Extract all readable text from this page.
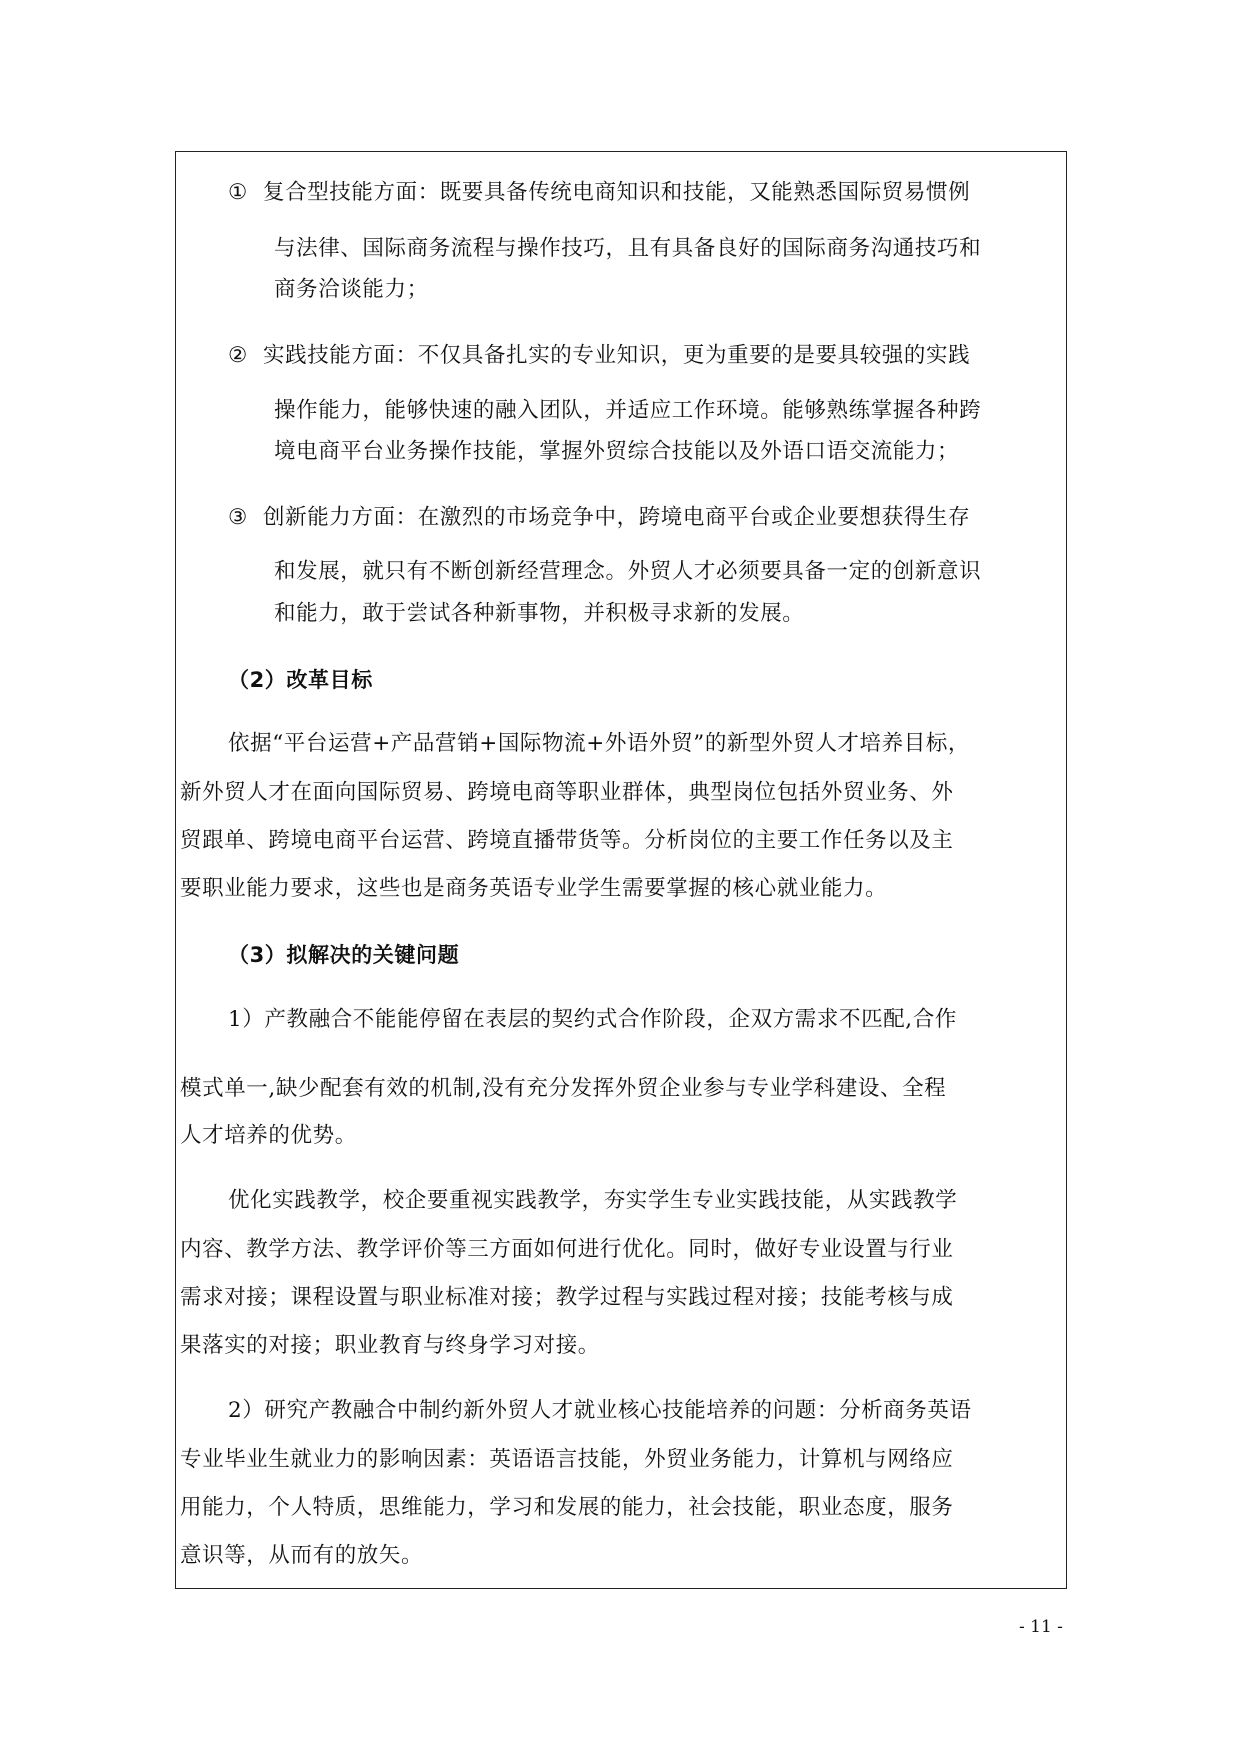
① 复合型技能方面：既要具备传统电商知识和技能，又能熟悉国际贸易惯例
与法律、国际商务流程与操作技巧，且有具备良好的国际商务沟通技巧和
商务洽谈能力；
② 实践技能方面：不仅具备扎实的专业知识，更为重要的是要具较强的实践
操作能力，能够快速的融入团队，并适应工作环境。能够熟练掌握各种跨
境电商平台业务操作技能，掌握外贸综合技能以及外语口语交流能力；
③ 创新能力方面：在激烈的市场竞争中，跨境电商平台或企业要想获得生存
和发展，就只有不断创新经营理念。外贸人才必须要具备一定的创新意识
和能力，敢于尝试各种新事物，并积极寻求新的发展。
（2）改革目标
依据“平台运营+产品营销+国际物流+外语外贸”的新型外贸人才培养目标，
新外贸人才在面向国际贸易、跨境电商等职业群体，典型岗位包括外贸业务、外
贸跟单、跨境电商平台运营、跨境直播带货等。分析岗位的主要工作任务以及主
要职业能力要求，这些也是商务英语专业学生需要掌握的核心就业能力。
（3）拟解决的关键问题
1）产教融合不能能停留在表层的契约式合作阶段，企双方需求不匹配,合作
模式单一,缺少配套有效的机制,没有充分发挥外贸企业参与专业学科建设、全程
人才培养的优势。
优化实践教学，校企要重视实践教学，夯实学生专业实践技能，从实践教学
内容、教学方法、教学评价等三方面如何进行优化。同时，做好专业设置与行业
需求对接；课程设置与职业标准对接；教学过程与实践过程对接；技能考核与成
果落实的对接；职业教育与终身学习对接。
2）研究产教融合中制约新外贸人才就业核心技能培养的问题：分析商务英语
专业毕业生就业力的影响因素：英语语言技能，外贸业务能力，计算机与网络应
用能力，个人特质，思维能力，学习和发展的能力，社会技能，职业态度，服务
意识等，从而有的放矢。
- 11 -
